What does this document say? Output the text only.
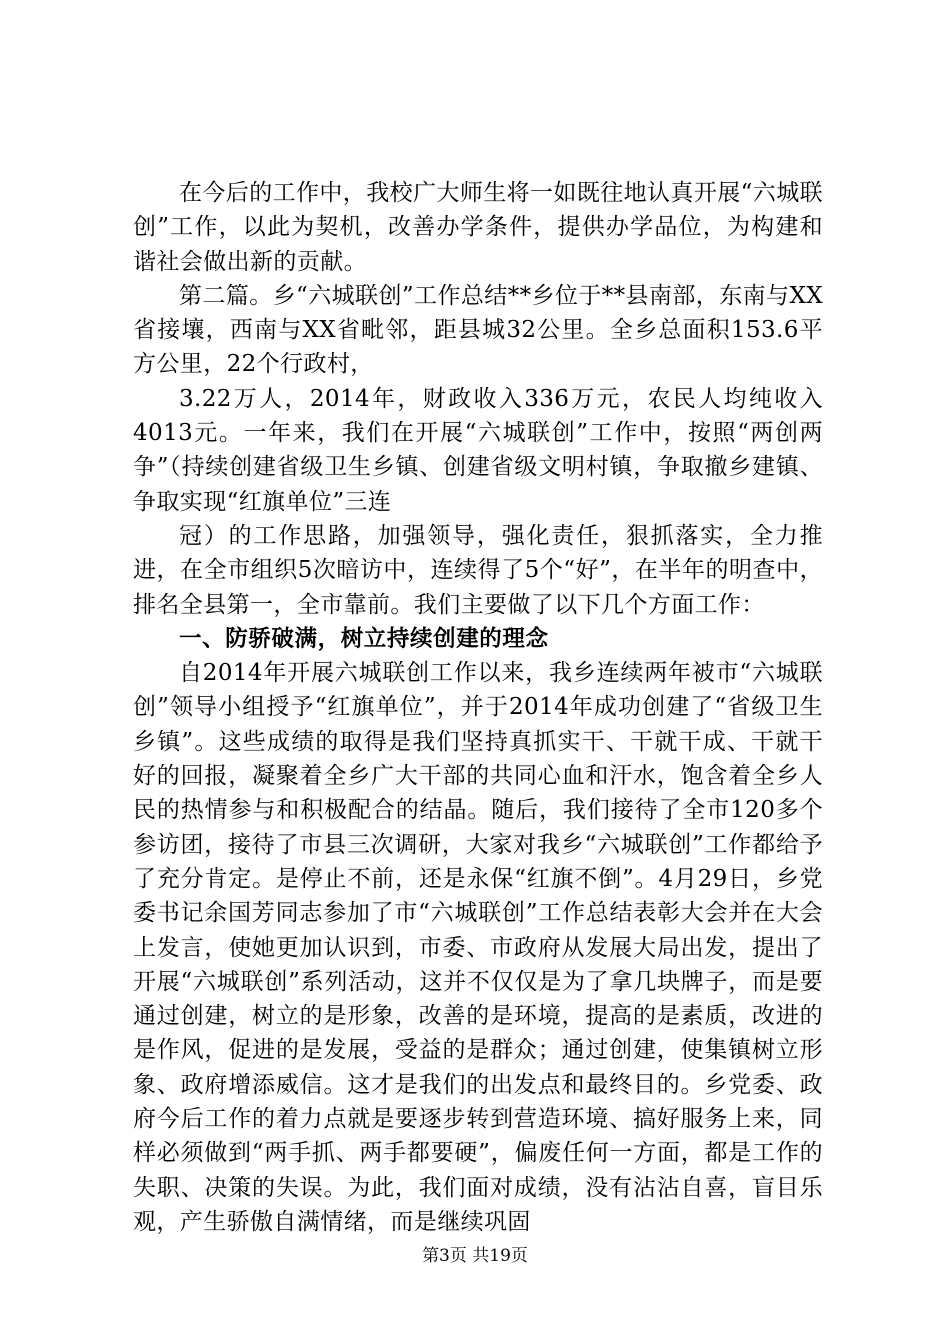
在今后的工作中，我校广大师生将一如既往地认真开展“六城联创”工作，以此为契机，改善办学条件，提供办学品位，为构建和谐社会做出新的贡献。

第二篇。乡“六城联创”工作总结**乡位于**县南部，东南与XX省接壤，西南与XX省毗邻，距县城32公里。全乡总面积153.6平方公里，22个行政村，

3.22万人，2014年，财政收入336万元，农民人均纯收入4013元。一年来，我们在开展“六城联创”工作中，按照“两创两争”（持续创建省级卫生乡镇、创建省级文明村镇，争取撤乡建镇、争取实现“红旗单位”三连

冠）的工作思路，加强领导，强化责任，狠抓落实，全力推进，在全市组织5次暗访中，连续得了5个“好”，在半年的明查中，排名全县第一，全市靠前。我们主要做了以下几个方面工作：

一、防骄破满，树立持续创建的理念

自2014年开展六城联创工作以来，我乡连续两年被市“六城联创”领导小组授予“红旗单位”，并于2014年成功创建了“省级卫生乡镇”。这些成绩的取得是我们坚持真抓实干、干就干成、干就干好的回报，凝聚着全乡广大干部的共同心血和汗水，饱含着全乡人民的热情参与和积极配合的结晶。随后，我们接待了全市120多个参访团，接待了市县三次调研，大家对我乡“六城联创”工作都给予了充分肯定。是停止不前，还是永保“红旗不倒”。4月29日，乡党委书记余国芳同志参加了市“六城联创”工作总结表彰大会并在大会上发言，使她更加认识到，市委、市政府从发展大局出发，提出了开展“六城联创”系列活动，这并不仅仅是为了拿几块牌子，而是要通过创建，树立的是形象，改善的是环境，提高的是素质，改进的是作风，促进的是发展，受益的是群众；通过创建，使集镇树立形象、政府增添威信。这才是我们的出发点和最终目的。乡党委、政府今后工作的着力点就是要逐步转到营造环境、搞好服务上来，同样必须做到“两手抓、两手都要硬”，偏废任何一方面，都是工作的失职、决策的失误。为此，我们面对成绩，没有沾沾自喜，盲目乐观，产生骄傲自满情绪，而是继续巩固

第3页 共19页
